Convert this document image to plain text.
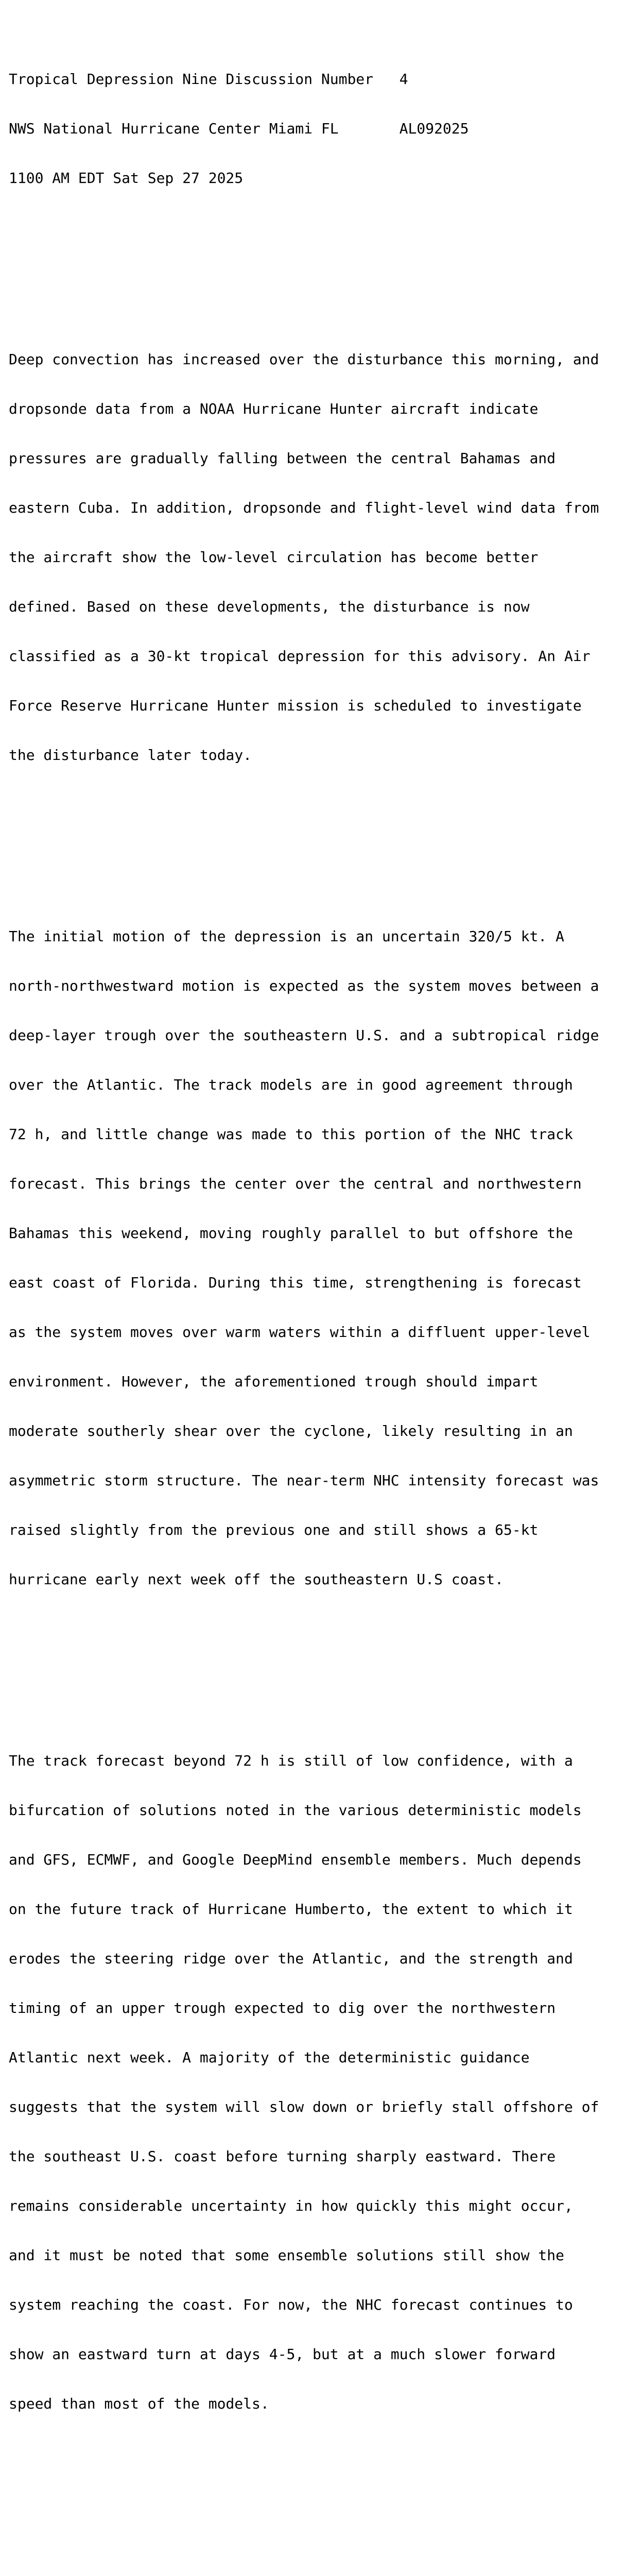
Tropical Depression Nine Discussion Number   4

NWS National Hurricane Center Miami FL       AL092025

1100 AM EDT Sat Sep 27 2025

Deep convection has increased over the disturbance this morning, and

dropsonde data from a NOAA Hurricane Hunter aircraft indicate

pressures are gradually falling between the central Bahamas and

eastern Cuba. In addition, dropsonde and flight-level wind data from

the aircraft show the low-level circulation has become better

defined. Based on these developments, the disturbance is now

classified as a 30-kt tropical depression for this advisory. An Air

Force Reserve Hurricane Hunter mission is scheduled to investigate

the disturbance later today.

The initial motion of the depression is an uncertain 320/5 kt. A

north-northwestward motion is expected as the system moves between a

deep-layer trough over the southeastern U.S. and a subtropical ridge

over the Atlantic. The track models are in good agreement through

72 h, and little change was made to this portion of the NHC track

forecast. This brings the center over the central and northwestern

Bahamas this weekend, moving roughly parallel to but offshore the

east coast of Florida. During this time, strengthening is forecast

as the system moves over warm waters within a diffluent upper-level

environment. However, the aforementioned trough should impart

moderate southerly shear over the cyclone, likely resulting in an

asymmetric storm structure. The near-term NHC intensity forecast was

raised slightly from the previous one and still shows a 65-kt

hurricane early next week off the southeastern U.S coast.

The track forecast beyond 72 h is still of low confidence, with a

bifurcation of solutions noted in the various deterministic models

and GFS, ECMWF, and Google DeepMind ensemble members. Much depends

on the future track of Hurricane Humberto, the extent to which it

erodes the steering ridge over the Atlantic, and the strength and

timing of an upper trough expected to dig over the northwestern

Atlantic next week. A majority of the deterministic guidance

suggests that the system will slow down or briefly stall offshore of

the southeast U.S. coast before turning sharply eastward. There

remains considerable uncertainty in how quickly this might occur,

and it must be noted that some ensemble solutions still show the

system reaching the coast. For now, the NHC forecast continues to

show an eastward turn at days 4-5, but at a much slower forward

speed than most of the models.
